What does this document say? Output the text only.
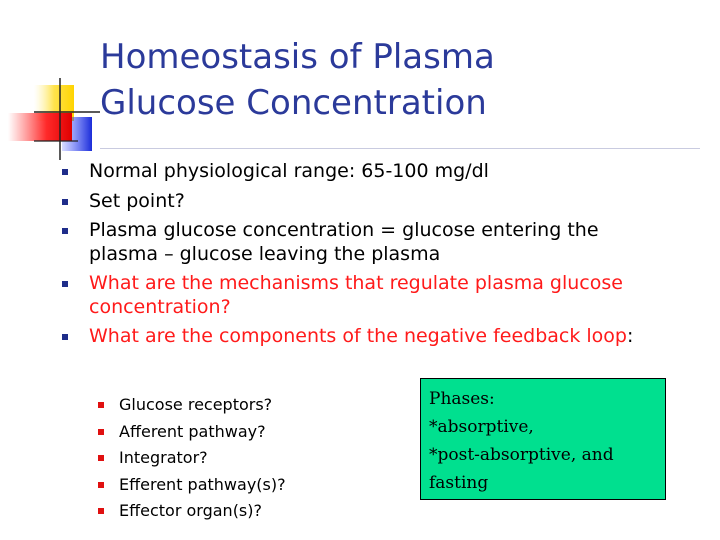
Homeostasis of Plasma
Glucose Concentration
Normal physiological range: 65-100 mg/dl
Set point?
Plasma glucose concentration = glucose entering the plasma – glucose leaving the plasma
What are the mechanisms that regulate plasma glucose concentration?
What are the components of the negative feedback loop:
Glucose receptors?
Afferent pathway?
Integrator?
Efferent pathway(s)?
Effector organ(s)?
Phases:
*absorptive,
*post-absorptive, and
fasting
